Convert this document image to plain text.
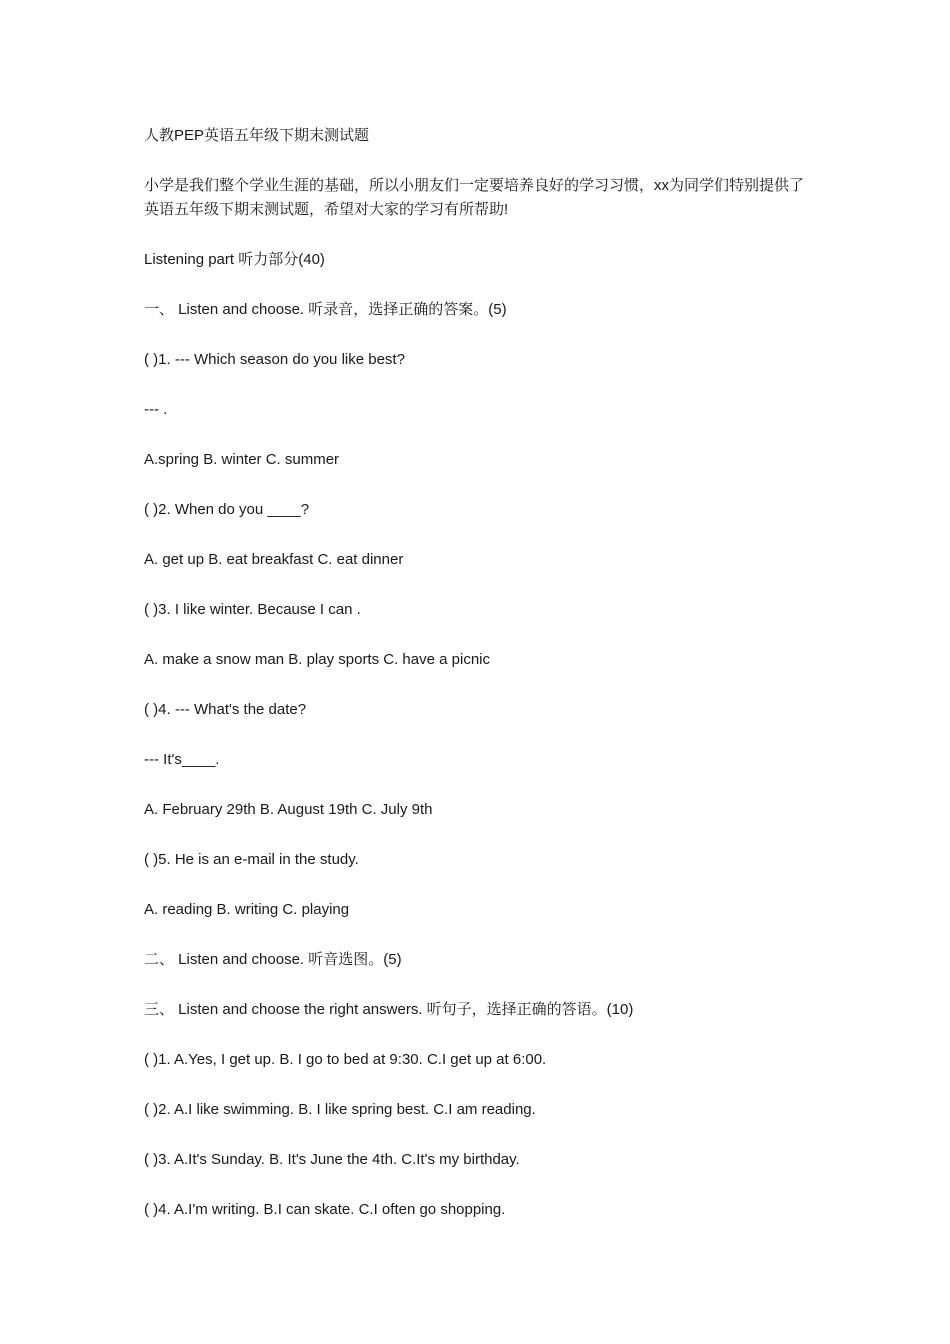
人教PEP英语五年级下期末测试题

小学是我们整个学业生涯的基础，所以小朋友们一定要培养良好的学习习惯，xx为同学们特别提供了英语五年级下期末测试题，希望对大家的学习有所帮助!

Listening part 听力部分(40)

一、 Listen and choose. 听录音，选择正确的答案。(5)

( )1. --- Which season do you like best?

--- .

A.spring B. winter C. summer

( )2. When do you ____?

A. get up B. eat breakfast C. eat dinner

( )3. I like winter. Because I can .

A. make a snow man B. play sports C. have a picnic

( )4. --- What's the date?

--- It's____.

A. February 29th B. August 19th C. July 9th

( )5. He is an e-mail in the study.

A. reading B. writing C. playing

二、 Listen and choose. 听音选图。(5)

三、 Listen and choose the right answers. 听句子，选择正确的答语。(10)

( )1. A.Yes, I get up. B. I go to bed at 9:30. C.I get up at 6:00.

( )2. A.I like swimming. B. I like spring best. C.I am reading.

( )3. A.It's Sunday. B. It's June the 4th. C.It's my birthday.

( )4. A.I'm writing. B.I can skate. C.I often go shopping.
